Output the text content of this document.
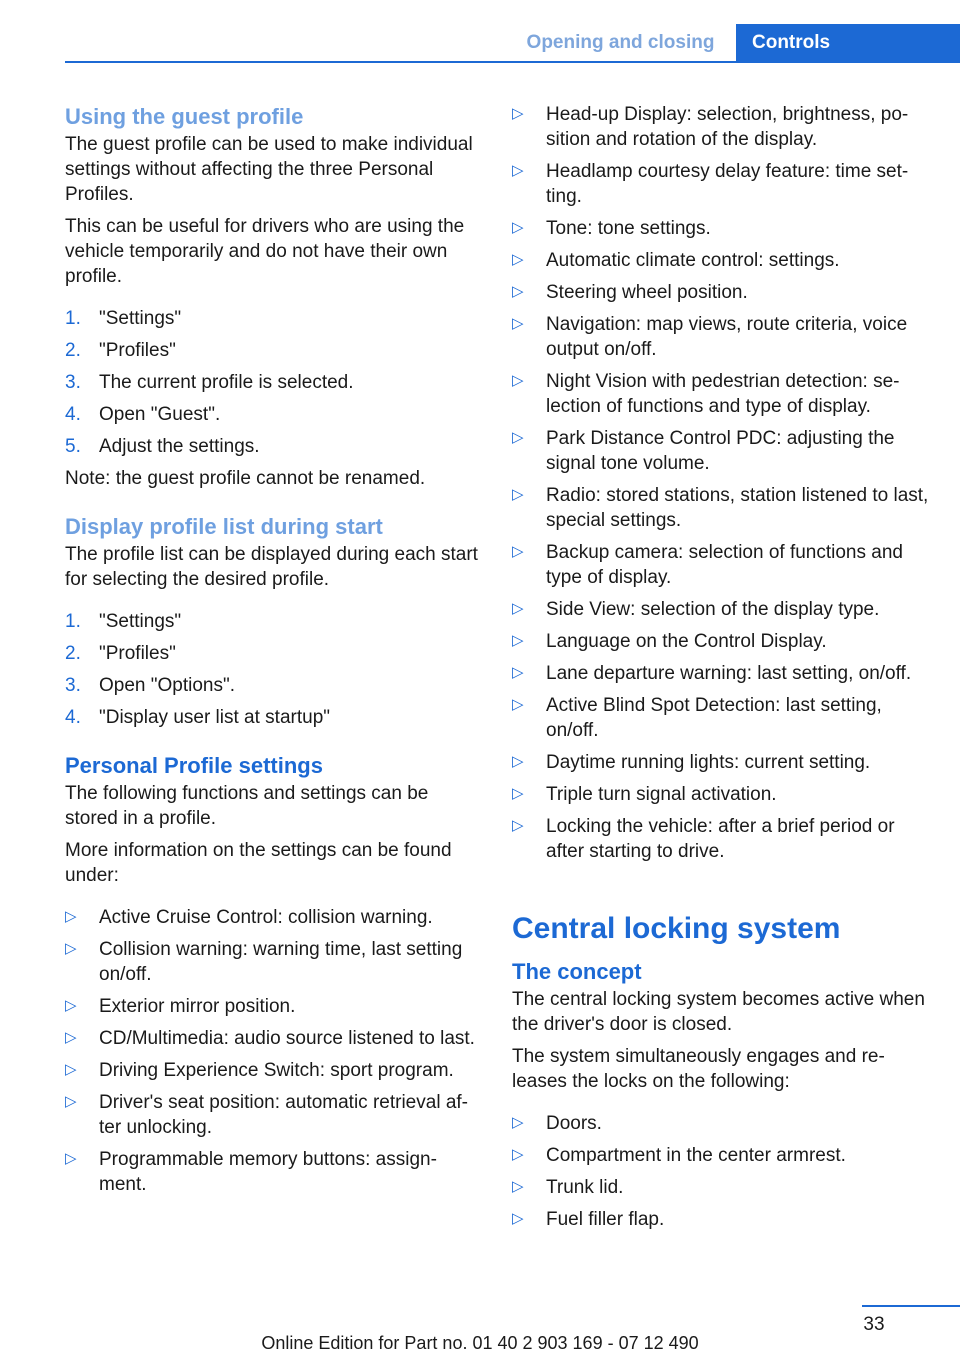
Opening and closing	Controls
Using the guest profile

The guest profile can be used to make individual settings without affecting the three Personal Profiles.

This can be useful for drivers who are using the vehicle temporarily and do not have their own profile.

1. "Settings"
2. "Profiles"
3. The current profile is selected.
4. Open "Guest".
5. Adjust the settings.

Note: the guest profile cannot be renamed.

Display profile list during start

The profile list can be displayed during each start for selecting the desired profile.

1. "Settings"
2. "Profiles"
3. Open "Options".
4. "Display user list at startup"
Personal Profile settings

The following functions and settings can be stored in a profile.

More information on the settings can be found under:

▷ Active Cruise Control: collision warning.
▷ Collision warning: warning time, last setting on/off.
▷ Exterior mirror position.
▷ CD/Multimedia: audio source listened to last.
▷ Driving Experience Switch: sport program.
▷ Driver's seat position: automatic retrieval af-ter unlocking.
▷ Programmable memory buttons: assign-ment.
▷ Head-up Display: selection, brightness, po-sition and rotation of the display.
▷ Headlamp courtesy delay feature: time set-ting.
▷ Tone: tone settings.
▷ Automatic climate control: settings.
▷ Steering wheel position.
▷ Navigation: map views, route criteria, voice output on/off.
▷ Night Vision with pedestrian detection: se-lection of functions and type of display.
▷ Park Distance Control PDC: adjusting the signal tone volume.
▷ Radio: stored stations, station listened to last, special settings.
▷ Backup camera: selection of functions and type of display.
▷ Side View: selection of the display type.
▷ Language on the Control Display.
▷ Lane departure warning: last setting, on/off.
▷ Active Blind Spot Detection: last setting, on/off.
▷ Daytime running lights: current setting.
▷ Triple turn signal activation.
▷ Locking the vehicle: after a brief period or after starting to drive.
Central locking system
The concept

The central locking system becomes active when the driver's door is closed.

The system simultaneously engages and re-leases the locks on the following:

▷ Doors.
▷ Compartment in the center armrest.
▷ Trunk lid.
▷ Fuel filler flap.
33
Online Edition for Part no. 01 40 2 903 169 - 07 12 490
